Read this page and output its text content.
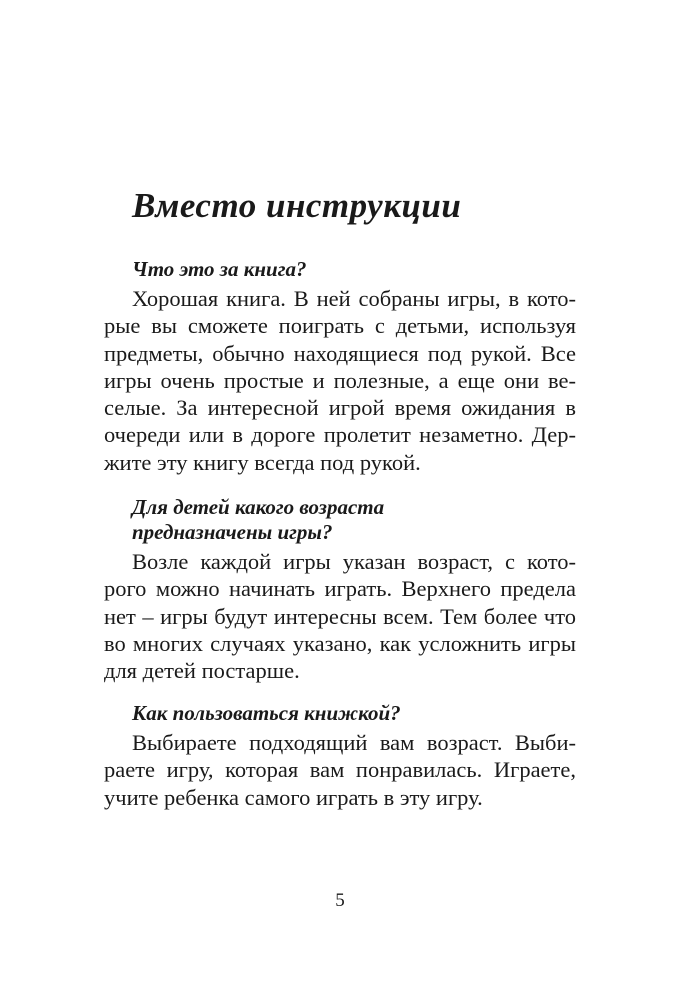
Вместо инструкции

Что это за книга?

Хорошая книга. В ней собраны игры, в кото-
рые вы сможете поиграть с детьми, используя
предметы, обычно находящиеся под рукой. Все
игры очень простые и полезные, а еще они ве-
селые. За интересной игрой время ожидания в
очереди или в дороге пролетит незаметно. Дер-
жите эту книгу всегда под рукой.

Для детей какого возраста
предназначены игры?

Возле каждой игры указан возраст, с кото-
рого можно начинать играть. Верхнего предела
нет – игры будут интересны всем. Тем более что
во многих случаях указано, как усложнить игры
для детей постарше.

Как пользоваться книжкой?

Выбираете подходящий вам возраст. Выби-
раете игру, которая вам понравилась. Играете,
учите ребенка самого играть в эту игру.

5
